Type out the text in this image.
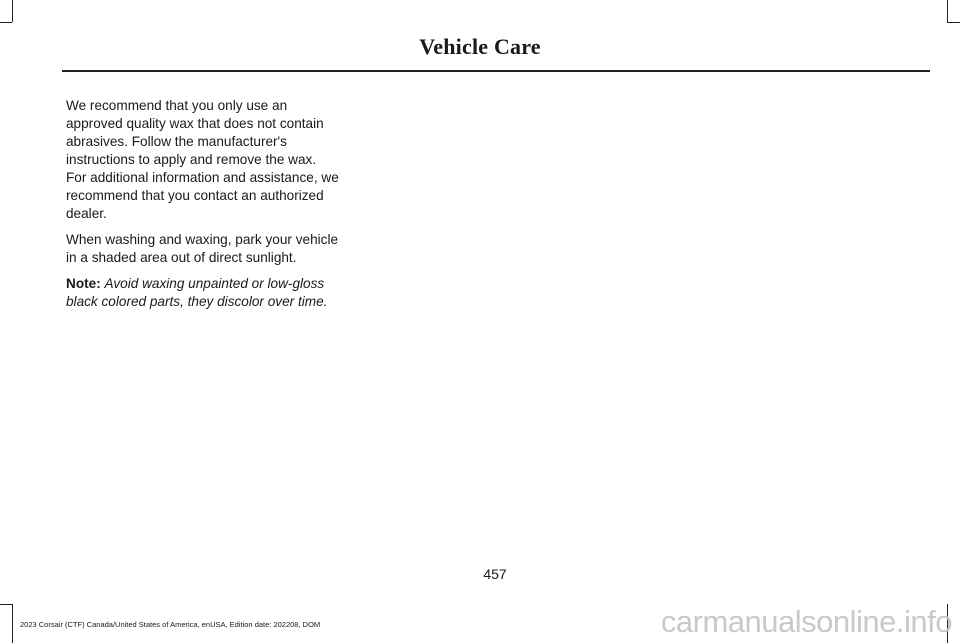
Vehicle Care

We recommend that you only use an approved quality wax that does not contain abrasives. Follow the manufacturer's instructions to apply and remove the wax. For additional information and assistance, we recommend that you contact an authorized dealer.

When washing and waxing, park your vehicle in a shaded area out of direct sunlight.

Note: Avoid waxing unpainted or low-gloss black colored parts, they discolor over time.

457
2023 Corsair (CTF) Canada/United States of America, enUSA, Edition date: 202208, DOM	carmanualsonline.info
